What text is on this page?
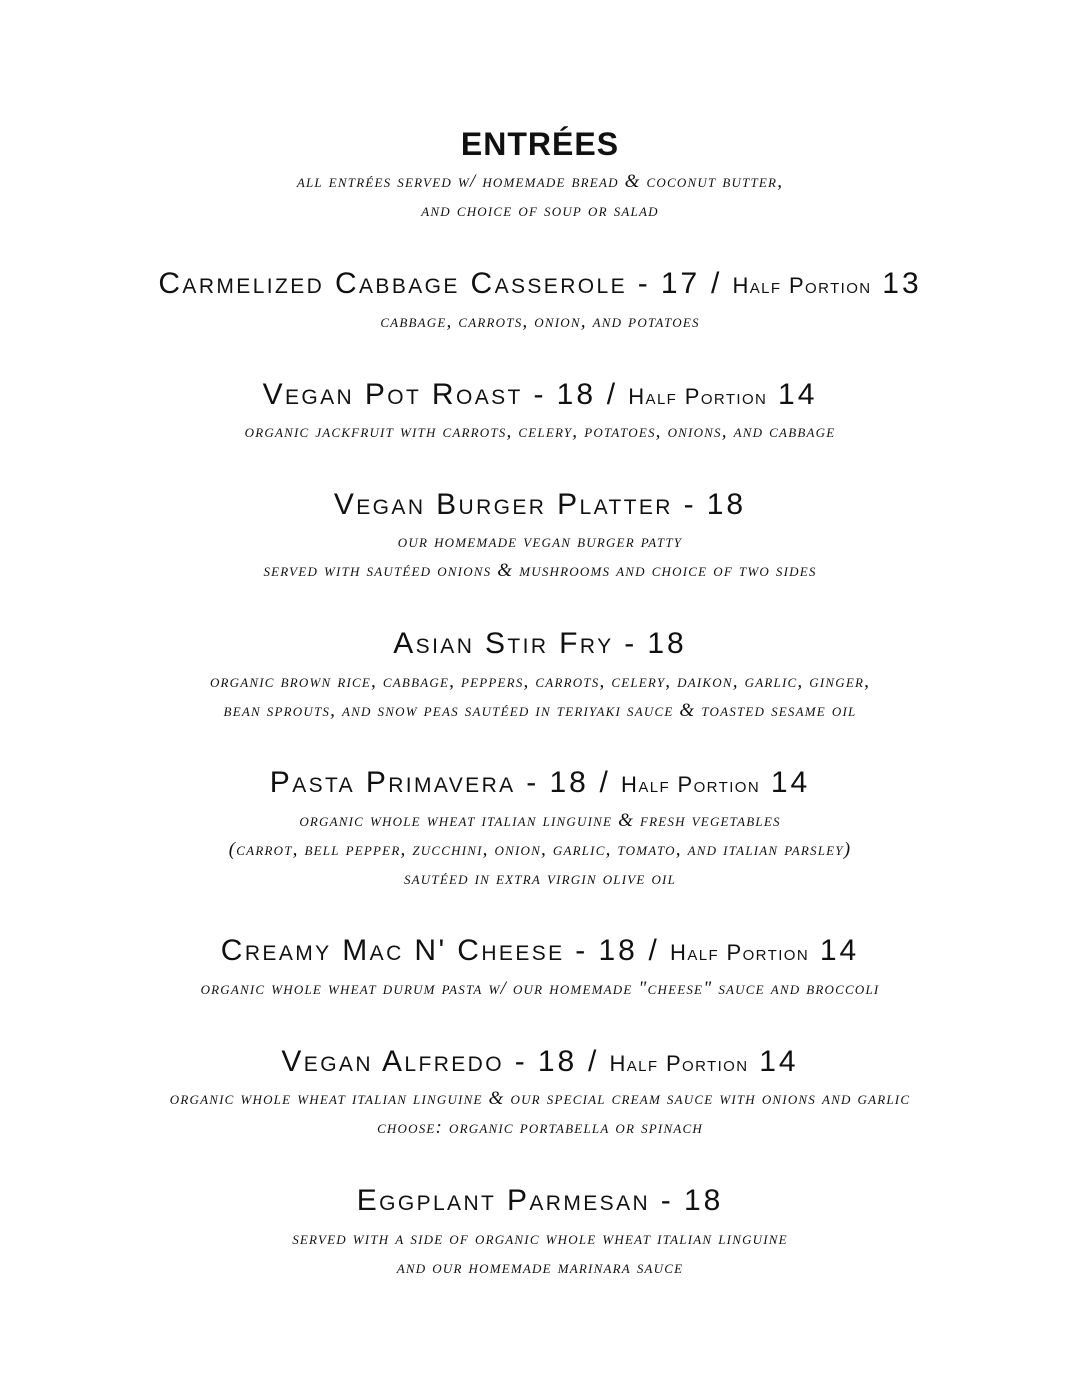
ENTRÉES
all entrées served w/ homemade bread & coconut butter,
and choice of soup or salad
Carmelized Cabbage Casserole - 17 / Half Portion 13
cabbage, carrots, onion, and potatoes
Vegan Pot Roast - 18 / Half Portion 14
organic jackfruit with carrots, celery, potatoes, onions, and cabbage
Vegan Burger Platter - 18
our homemade vegan burger patty
served with sautéed onions & mushrooms and choice of two sides
Asian Stir Fry - 18
organic brown rice, cabbage, peppers, carrots, celery, daikon, garlic, ginger,
bean sprouts, and snow peas sautéed in teriyaki sauce & toasted sesame oil
Pasta Primavera - 18 / Half Portion 14
organic whole wheat italian linguine & fresh vegetables
(carrot, bell pepper, zucchini, onion, garlic, tomato, and italian parsley)
sautéed in extra virgin olive oil
Creamy Mac N' Cheese - 18 / Half Portion 14
organic whole wheat durum pasta w/ our homemade "cheese" sauce and broccoli
Vegan Alfredo - 18 / Half Portion 14
organic whole wheat italian linguine & our special cream sauce with onions and garlic
choose: organic portabella or spinach
Eggplant Parmesan - 18
served with a side of organic whole wheat italian linguine
and our homemade marinara sauce
